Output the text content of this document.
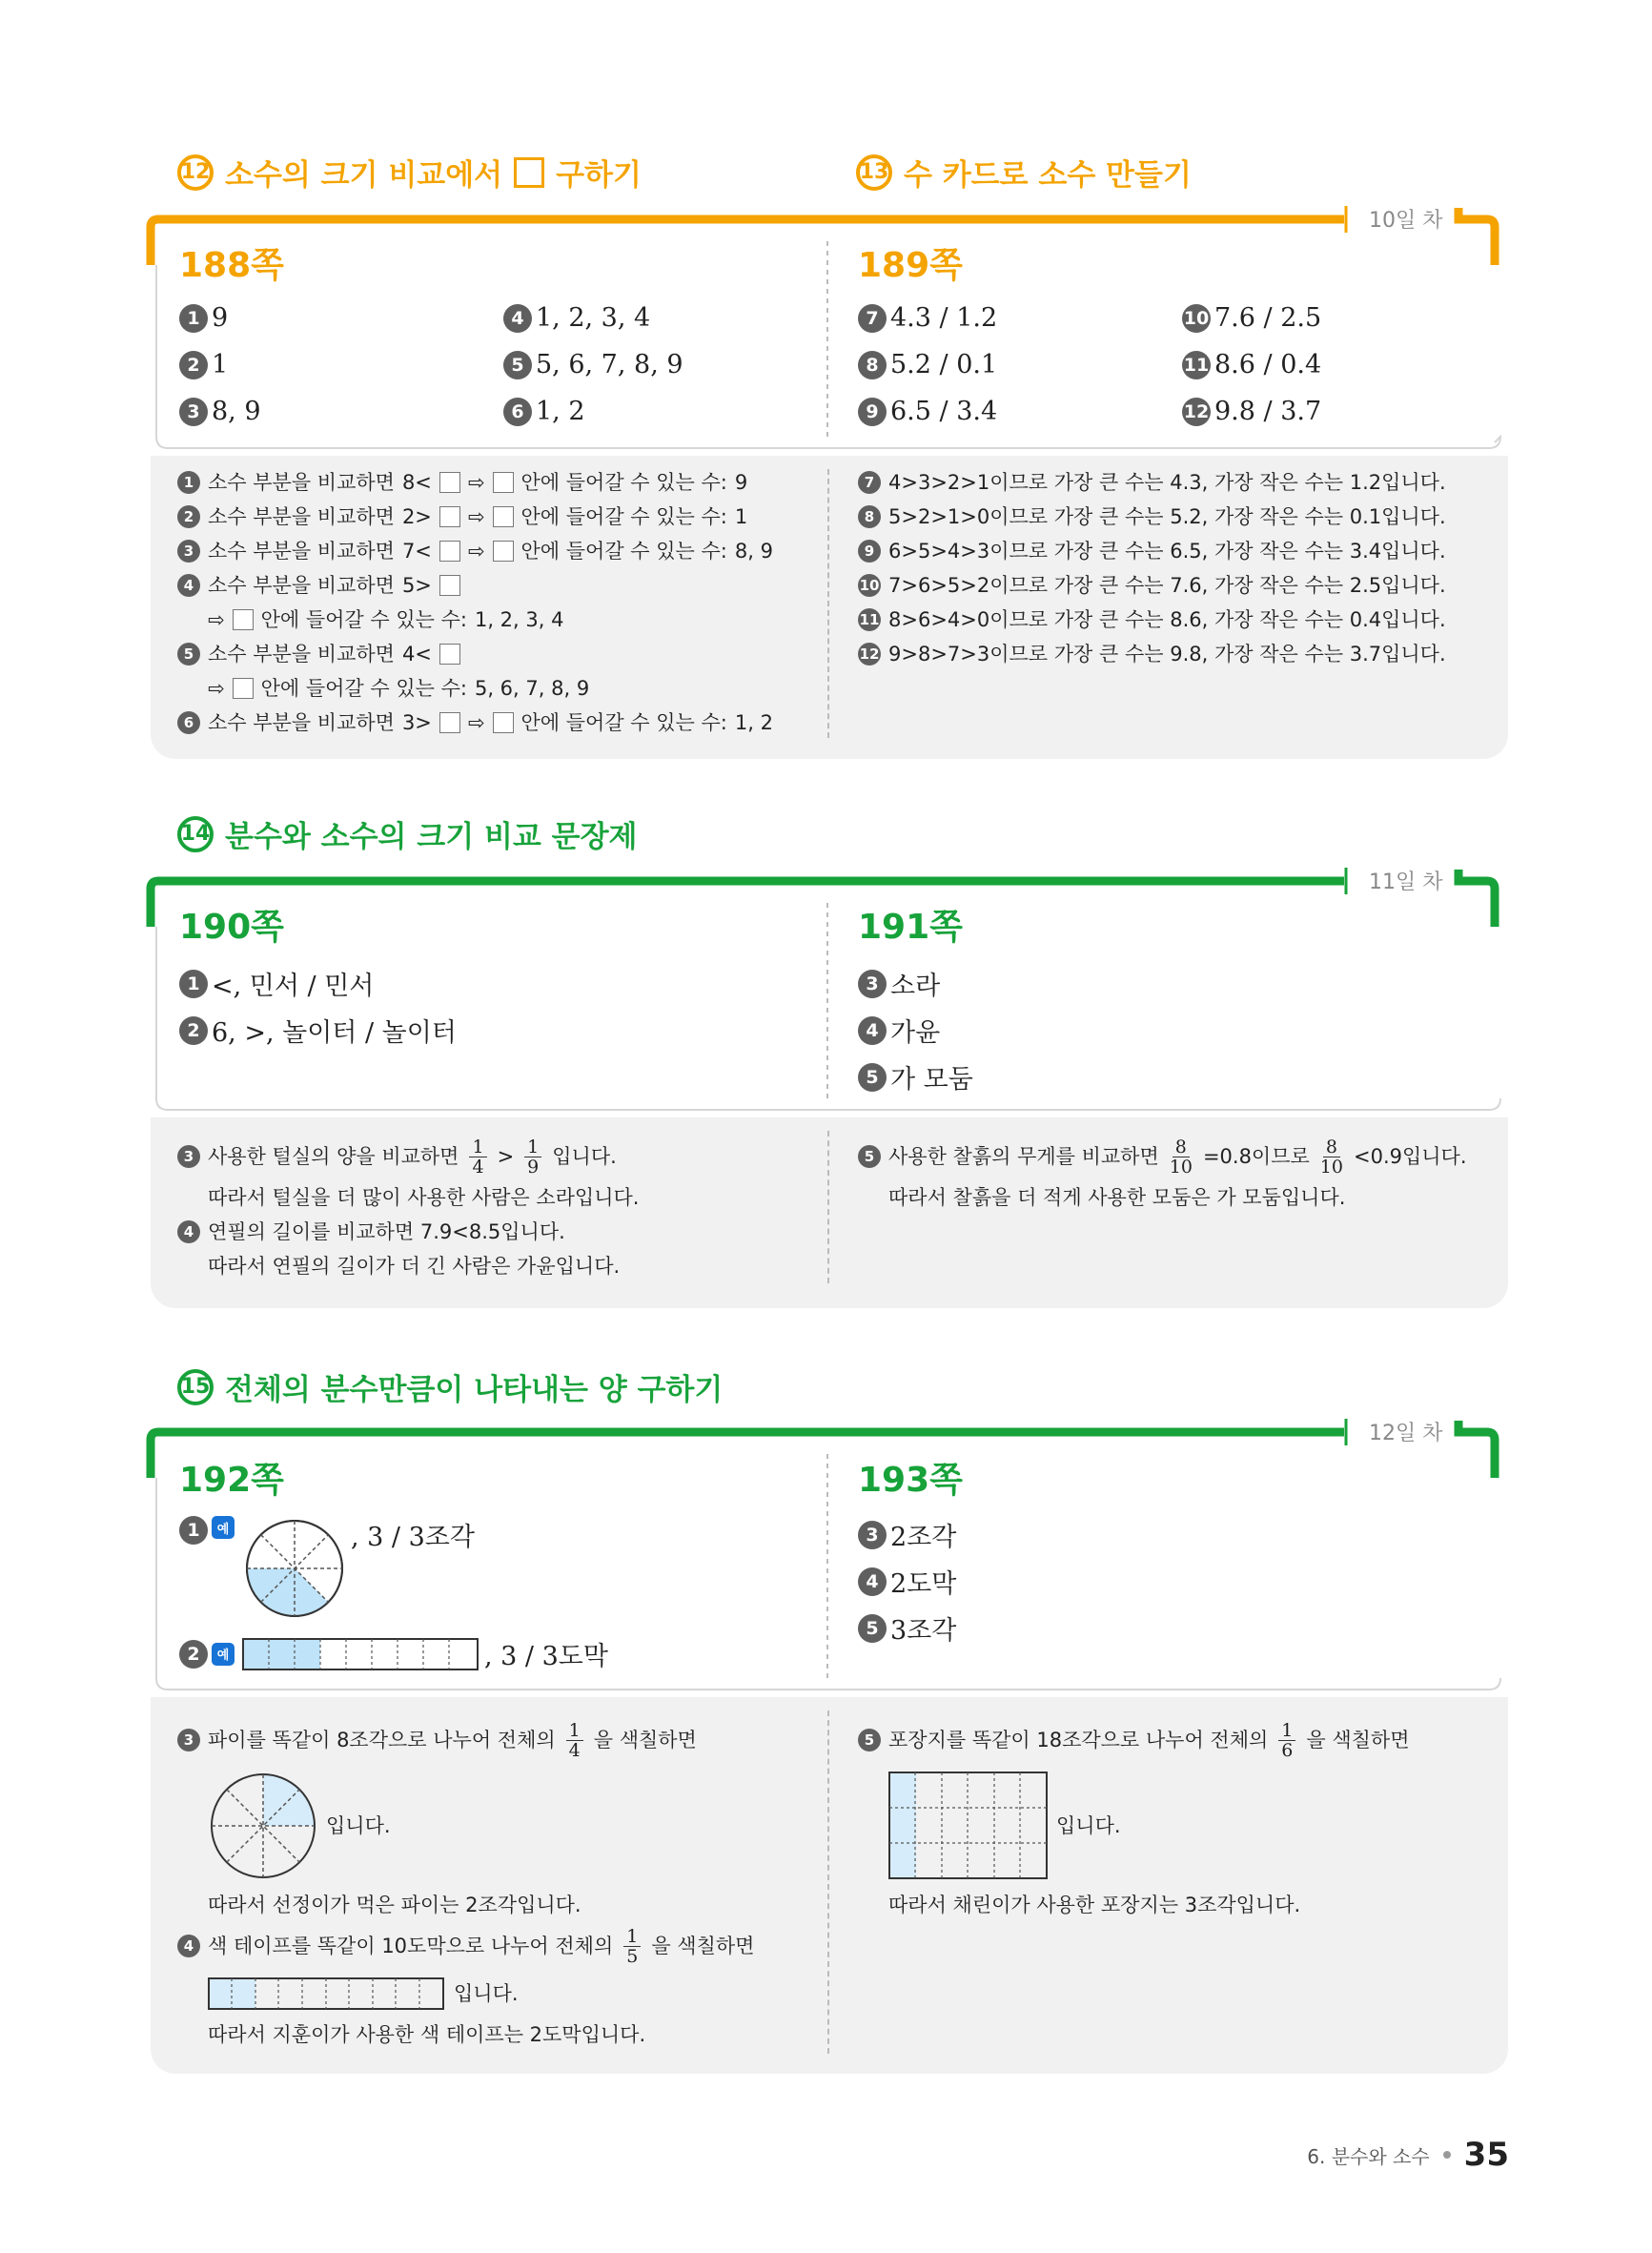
12 소수의 크기 비교에서 구하기	13 수 카드로 소수 만들기
10일 차
188쪽	189쪽
1 9
2 1
3 8, 9
4 1, 2, 3, 4
5 5, 6, 7, 8, 9
6 1, 2
7 4.3 / 1.2
8 5.2 / 0.1
9 6.5 / 3.4
10 7.6 / 2.5
11 8.6 / 0.4
12 9.8 / 3.7
1 소수 부분을 비교하면 8< ⇨ 안에 들어갈 수 있는 수: 9
2 소수 부분을 비교하면 2> ⇨ 안에 들어갈 수 있는 수: 1
3 소수 부분을 비교하면 7< ⇨ 안에 들어갈 수 있는 수: 8, 9
4 소수 부분을 비교하면 5>
⇨ 안에 들어갈 수 있는 수: 1, 2, 3, 4
5 소수 부분을 비교하면 4<
⇨ 안에 들어갈 수 있는 수: 5, 6, 7, 8, 9
6 소수 부분을 비교하면 3> ⇨ 안에 들어갈 수 있는 수: 1, 2
7 4>3>2>1이므로 가장 큰 수는 4.3, 가장 작은 수는 1.2입니다.
8 5>2>1>0이므로 가장 큰 수는 5.2, 가장 작은 수는 0.1입니다.
9 6>5>4>3이므로 가장 큰 수는 6.5, 가장 작은 수는 3.4입니다.
10 7>6>5>2이므로 가장 큰 수는 7.6, 가장 작은 수는 2.5입니다.
11 8>6>4>0이므로 가장 큰 수는 8.6, 가장 작은 수는 0.4입니다.
12 9>8>7>3이므로 가장 큰 수는 9.8, 가장 작은 수는 3.7입니다.
14 분수와 소수의 크기 비교 문장제
11일 차
190쪽	191쪽
1 <, 민서 / 민서
2 6, >, 놀이터 / 놀이터
3 소라
4 가윤
5 가 모둠
3 사용한 털실의 양을 비교하면 $\frac{1}{4} > \frac{1}{9}$ 입니다.
따라서 털실을 더 많이 사용한 사람은 소라입니다.
4 연필의 길이를 비교하면 7.9<8.5입니다.
따라서 연필의 길이가 더 긴 사람은 가윤입니다.
5 사용한 찰흙의 무게를 비교하면 $\frac{8}{10} =0.8$이므로 $\frac{8}{10} <0.9$입니다.
따라서 찰흙을 더 적게 사용한 모둠은 가 모둠입니다.
15 전체의 분수만큼이 나타내는 양 구하기
12일 차
192쪽	193쪽
1	예	, 3 / 3조각
2	예	, 3 / 3도막
3 2조각
4 2도막
5 3조각
3 파이를 똑같이 8조각으로 나누어 전체의 $\frac{1}{4}$ 을 색칠하면
입니다.
따라서 선정이가 먹은 파이는 2조각입니다.
4 색 테이프를 똑같이 10도막으로 나누어 전체의 $\frac{1}{5}$ 을 색칠하면
입니다.
따라서 지훈이가 사용한 색 테이프는 2도막입니다.
5 포장지를 똑같이 18조각으로 나누어 전체의 $\frac{1}{6}$ 을 색칠하면
입니다.
따라서 채린이가 사용한 포장지는 3조각입니다.
6. 분수와 소수 35
